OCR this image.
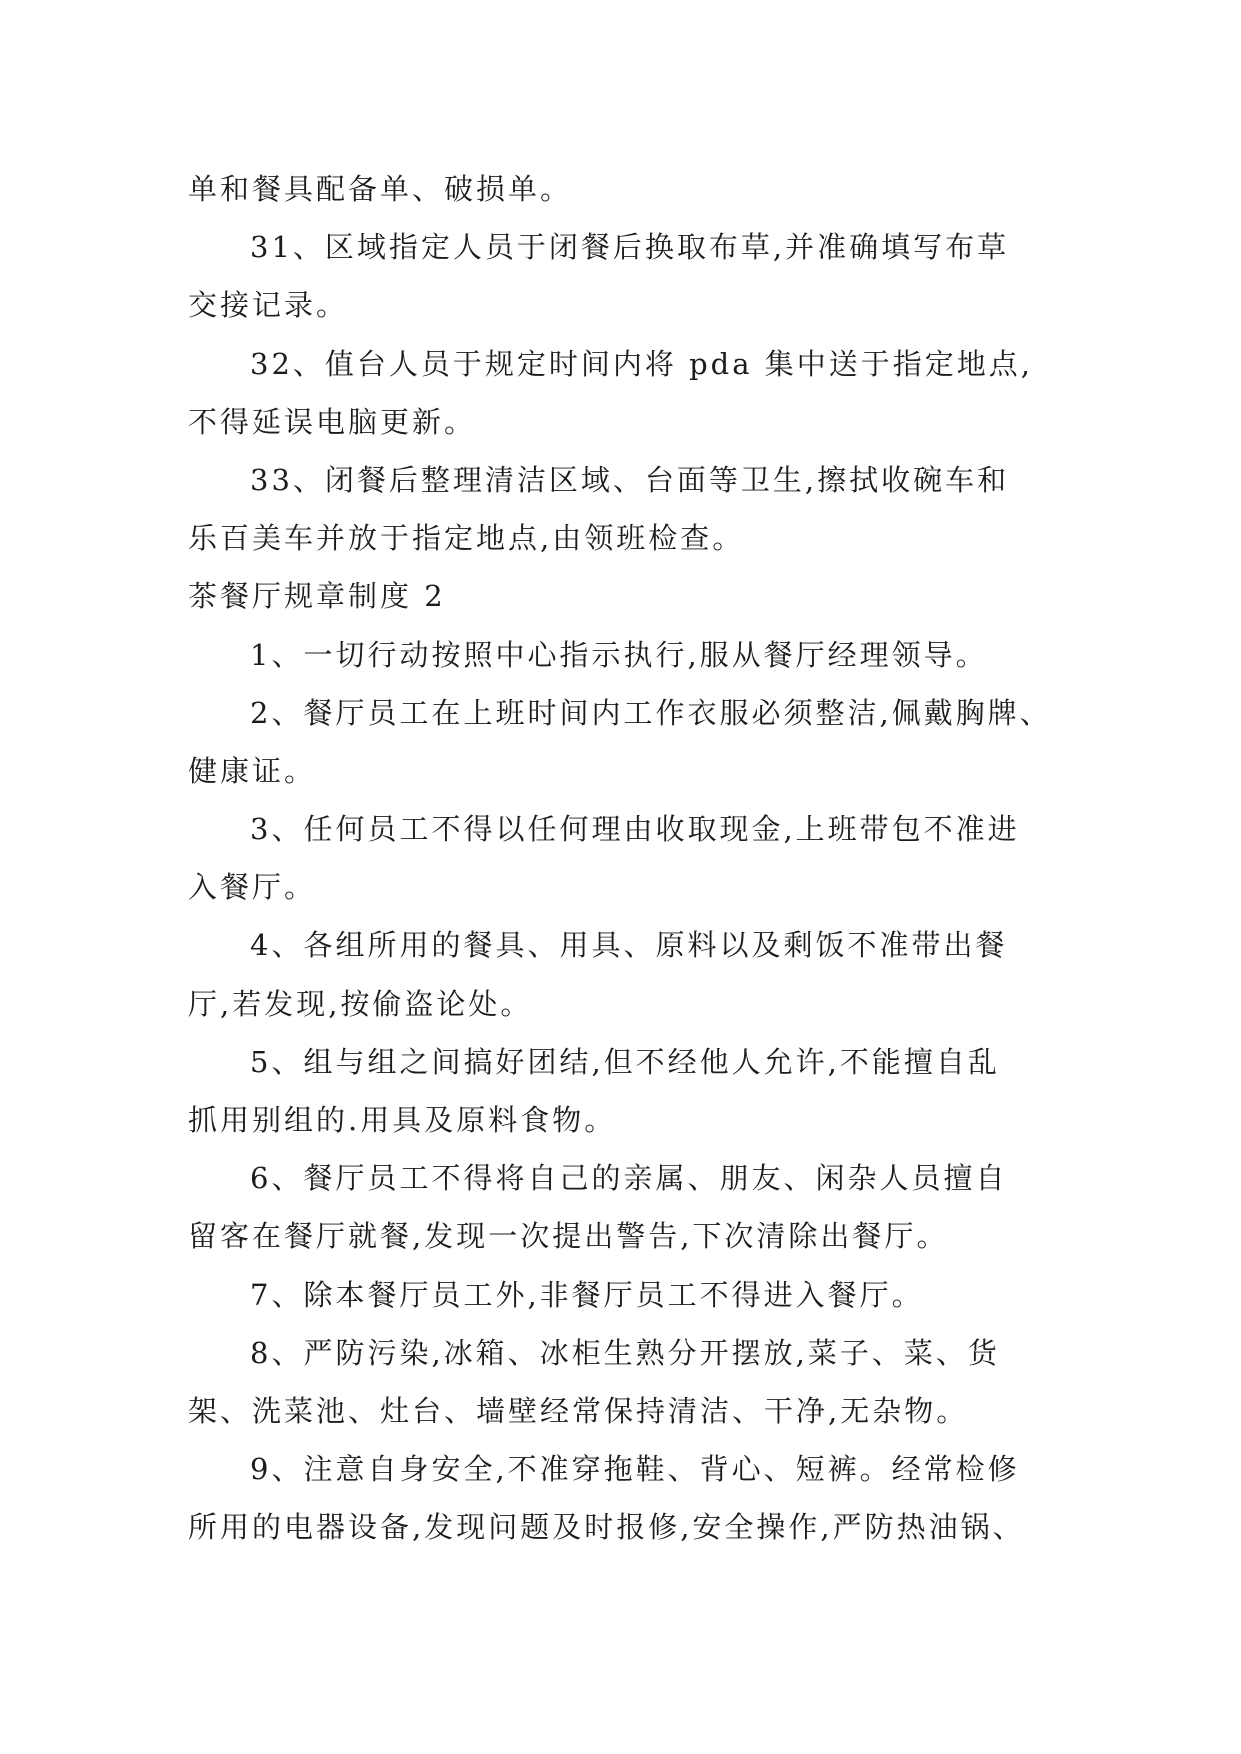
单和餐具配备单、破损单。
31、区域指定人员于闭餐后换取布草,并准确填写布草
交接记录。
32、值台人员于规定时间内将 pda 集中送于指定地点,
不得延误电脑更新。
33、闭餐后整理清洁区域、台面等卫生,擦拭收碗车和
乐百美车并放于指定地点,由领班检查。
茶餐厅规章制度 2
1、一切行动按照中心指示执行,服从餐厅经理领导。
2、餐厅员工在上班时间内工作衣服必须整洁,佩戴胸牌、
健康证。
3、任何员工不得以任何理由收取现金,上班带包不准进
入餐厅。
4、各组所用的餐具、用具、原料以及剩饭不准带出餐
厅,若发现,按偷盗论处。
5、组与组之间搞好团结,但不经他人允许,不能擅自乱
抓用别组的.用具及原料食物。
6、餐厅员工不得将自己的亲属、朋友、闲杂人员擅自
留客在餐厅就餐,发现一次提出警告,下次清除出餐厅。
7、除本餐厅员工外,非餐厅员工不得进入餐厅。
8、严防污染,冰箱、冰柜生熟分开摆放,菜子、菜、货
架、洗菜池、灶台、墙壁经常保持清洁、干净,无杂物。
9、注意自身安全,不准穿拖鞋、背心、短裤。经常检修
所用的电器设备,发现问题及时报修,安全操作,严防热油锅、
